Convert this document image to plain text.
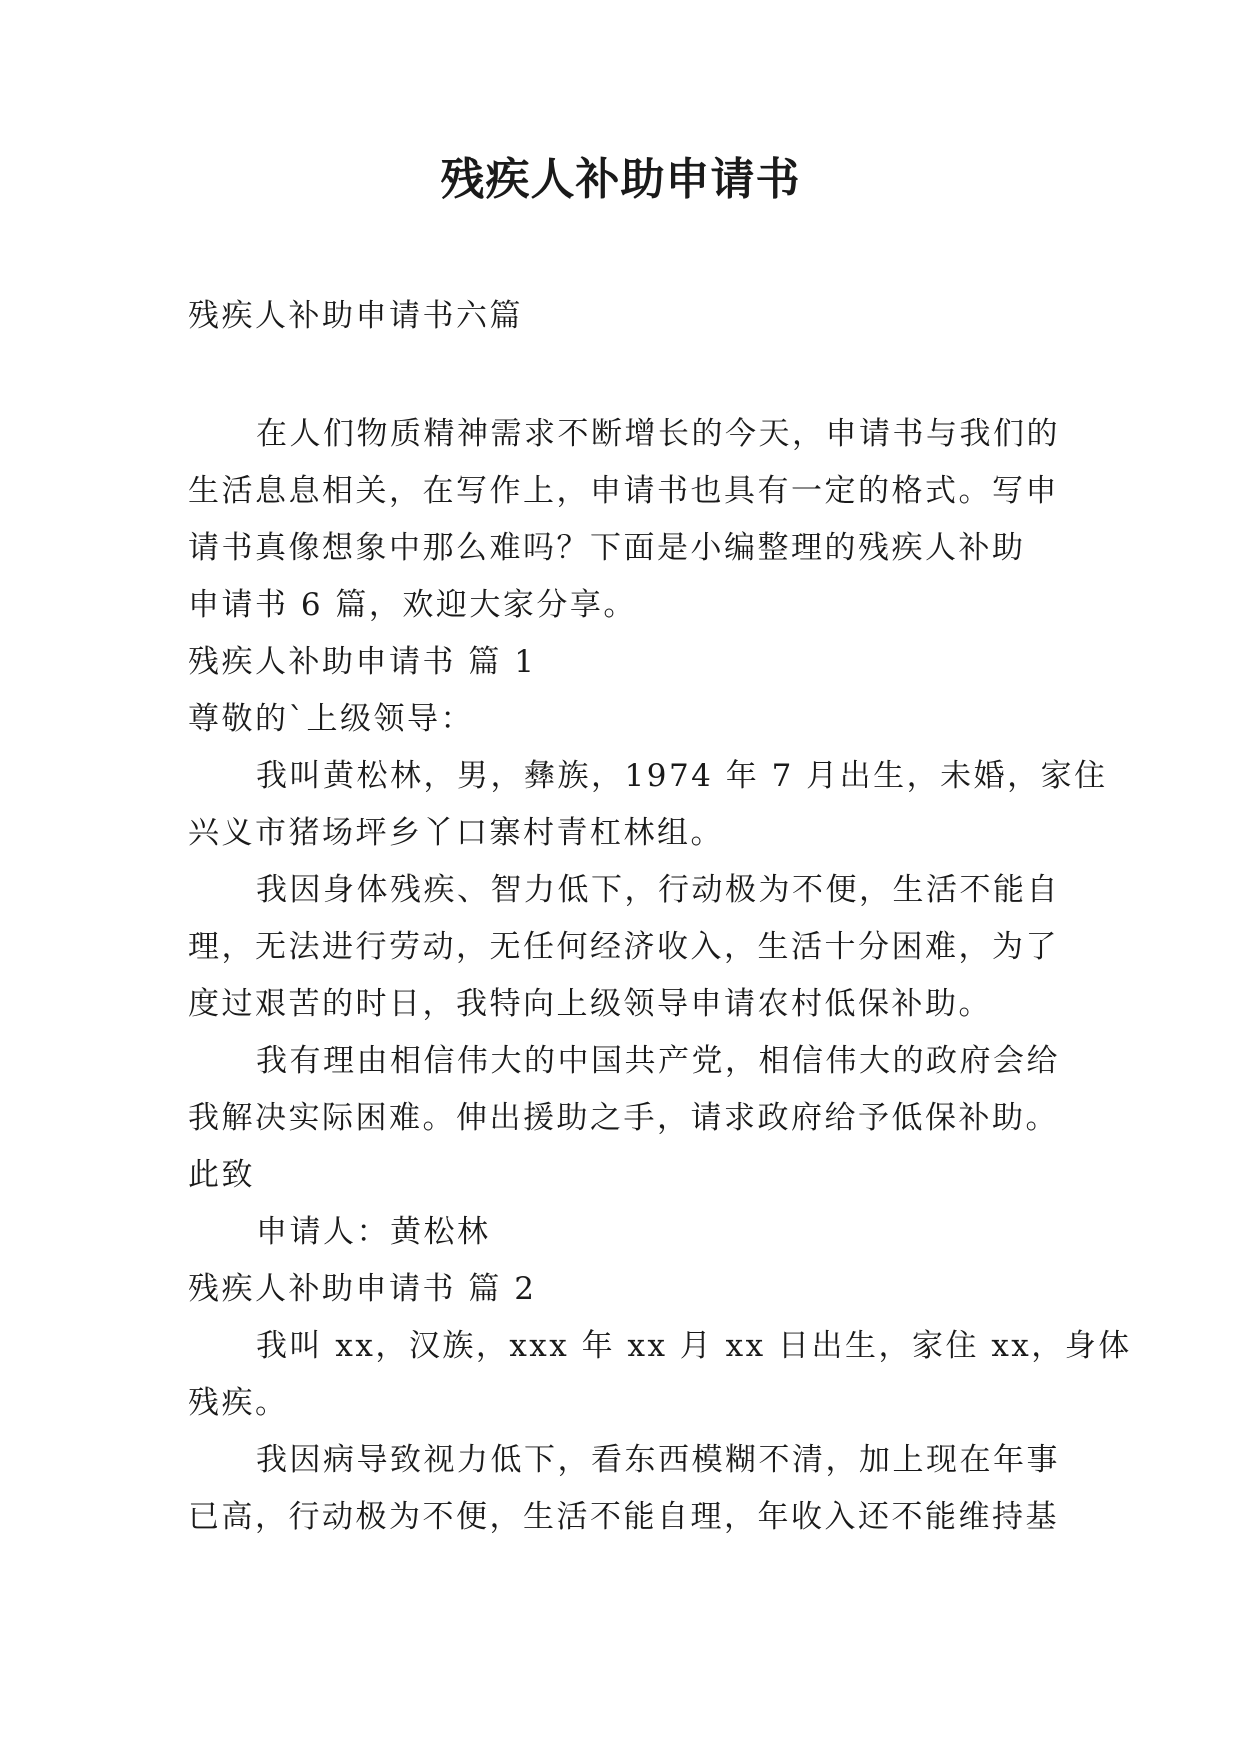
残疾人补助申请书
残疾人补助申请书六篇
在人们物质精神需求不断增长的今天，申请书与我们的
生活息息相关，在写作上，申请书也具有一定的格式。写申
请书真像想象中那么难吗？下面是小编整理的残疾人补助
申请书 6 篇，欢迎大家分享。
残疾人补助申请书 篇 1
尊敬的`上级领导：
我叫黄松林，男，彝族，1974 年 7 月出生，未婚，家住
兴义市猪场坪乡丫口寨村青杠林组。
我因身体残疾、智力低下，行动极为不便，生活不能自
理，无法进行劳动，无任何经济收入，生活十分困难，为了
度过艰苦的时日，我特向上级领导申请农村低保补助。
我有理由相信伟大的中国共产党，相信伟大的政府会给
我解决实际困难。伸出援助之手，请求政府给予低保补助。
此致
申请人：黄松林
残疾人补助申请书 篇 2
我叫 xx，汉族，xxx 年 xx 月 xx 日出生，家住 xx，身体
残疾。
我因病导致视力低下，看东西模糊不清，加上现在年事
已高，行动极为不便，生活不能自理，年收入还不能维持基
